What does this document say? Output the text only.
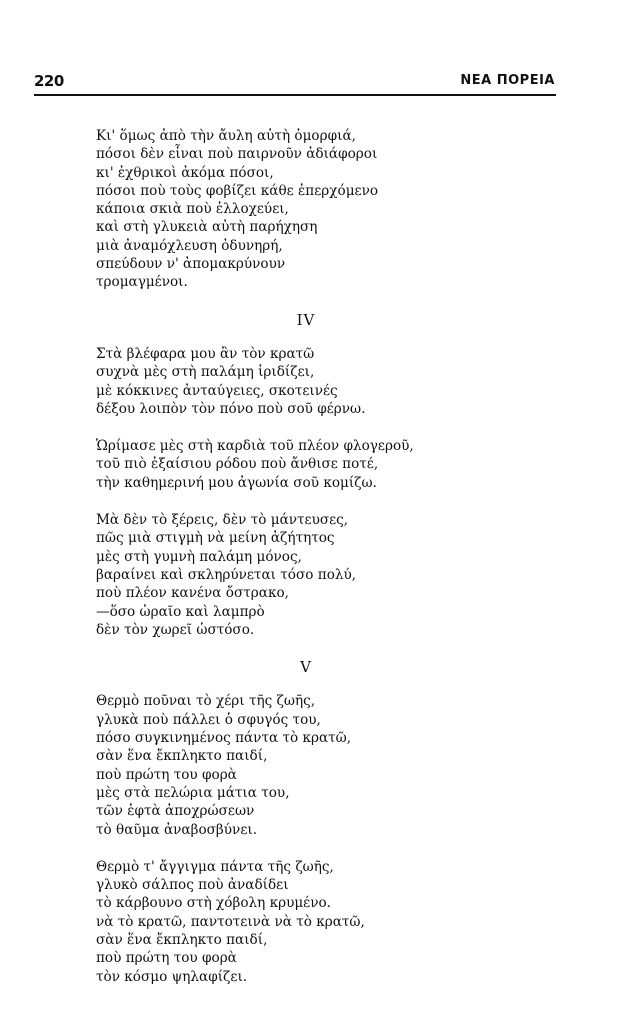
220	ΝΕΑ ΠΟΡΕΙΑ
Κι' ὅμως ἀπὸ τὴν ἄυλη αὐτὴ ὀμορφιά,
πόσοι δὲν εἶναι ποὺ παιρνοῦν ἀδιάφοροι
κι' ἐχθρικοὶ ἀκόμα πόσοι,
πόσοι ποὺ τοὺς φοβίζει κάθε ἐπερχόμενο
κάποια σκιὰ ποὺ ἐλλοχεύει,
καὶ στὴ γλυκειὰ αὐτὴ παρήχηση
μιὰ ἀναμόχλευση ὀδυνηρή,
σπεύδουν ν' ἀπομακρύνουν
τρομαγμένοι.
IV
Στὰ βλέφαρα μου ἂν τὸν κρατῶ
συχνὰ μὲς στὴ παλάμη ἱριδίζει,
μὲ κόκκινες ἀνταύγειες, σκοτεινές
δέξου λοιπὸν τὸν πόνο ποὺ σοῦ φέρνω.
Ὡρίμασε μὲς στὴ καρδιὰ τοῦ πλέον φλογεροῦ,
τοῦ πιὸ ἐξαίσιου ρόδου ποὺ ἄνθισε ποτέ,
τὴν καθημερινή μου ἀγωνία σοῦ κομίζω.
Μὰ δὲν τὸ ξέρεις, δὲν τὸ μάντευσες,
πῶς μιὰ στιγμὴ νὰ μείνη ἀζήτητος
μὲς στὴ γυμνὴ παλάμη μόνος,
βαραίνει καὶ σκληρύνεται τόσο πολύ,
ποὺ πλέον κανένα ὄστρακο,
—ὅσο ὡραῖο καὶ λαμπρὸ
δὲν τὸν χωρεῖ ὡστόσο.
V
Θερμὸ ποῦναι τὸ χέρι τῆς ζωῆς,
γλυκὰ ποὺ πάλλει ὁ σφυγός του,
πόσο συγκινημένος πάντα τὸ κρατῶ,
σὰν ἕνα ἔκπληκτο παιδί,
ποὺ πρώτη του φορὰ
μὲς στὰ πελώρια μάτια του,
τῶν ἑφτὰ ἀποχρώσεων
τὸ θαῦμα ἀναβοσβύνει.
Θερμὸ τ' ἄγγιγμα πάντα τῆς ζωῆς,
γλυκὸ σάλπος ποὺ ἀναδίδει
τὸ κάρβουνο στὴ χόβολη κρυμένο.
νὰ τὸ κρατῶ, παντοτεινὰ νὰ τὸ κρατῶ,
σὰν ἕνα ἔκπληκτο παιδί,
ποὺ πρώτη του φορὰ
τὸν κόσμο ψηλαφίζει.
